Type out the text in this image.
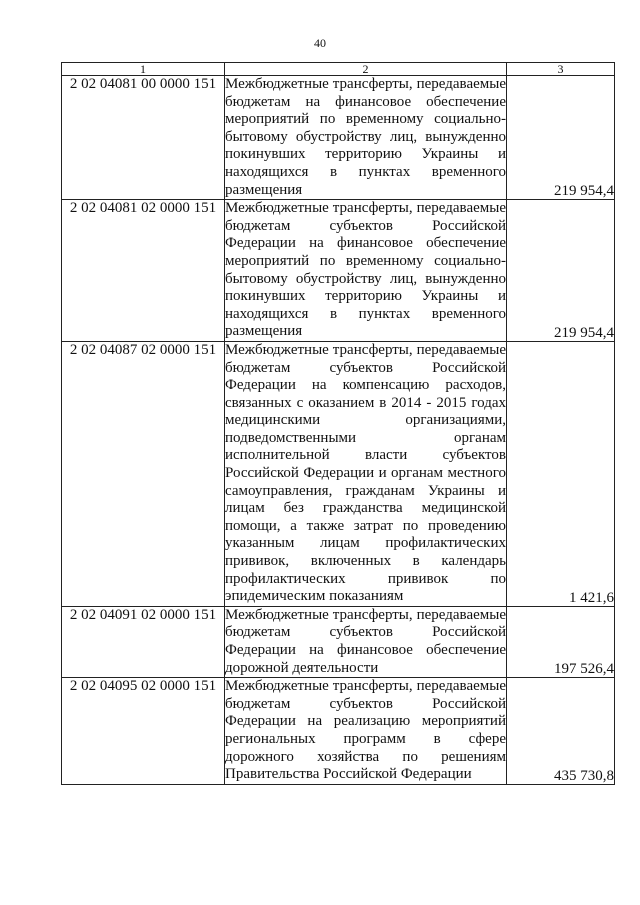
40
1	2	3
2 02 04081 00 0000 151	Межбюджетные трансферты, передаваемые бюджетам на финансовое обеспечение мероприятий по временному социально-бытовому обустройству лиц, вынужденно покинувших территорию Украины и находящихся в пунктах временного размещения	219 954,4
2 02 04081 02 0000 151	Межбюджетные трансферты, передаваемые бюджетам субъектов Российской Федерации на финансовое обеспечение мероприятий по временному социально-бытовому обустройству лиц, вынужденно покинувших территорию Украины и находящихся в пунктах временного размещения	219 954,4
2 02 04087 02 0000 151	Межбюджетные трансферты, передаваемые бюджетам субъектов Российской Федерации на компенсацию расходов, связанных с оказанием в 2014 - 2015 годах медицинскими организациями, подведомственными органам исполнительной власти субъектов Российской Федерации и органам местного самоуправления, гражданам Украины и лицам без гражданства медицинской помощи, а также затрат по проведению указанным лицам профилактических прививок, включенных в календарь профилактических прививок по эпидемическим показаниям	1 421,6
2 02 04091 02 0000 151	Межбюджетные трансферты, передаваемые бюджетам субъектов Российской Федерации на финансовое обеспечение дорожной деятельности	197 526,4
2 02 04095 02 0000 151	Межбюджетные трансферты, передаваемые бюджетам субъектов Российской Федерации на реализацию мероприятий региональных программ в сфере дорожного хозяйства по решениям Правительства Российской Федерации	435 730,8
